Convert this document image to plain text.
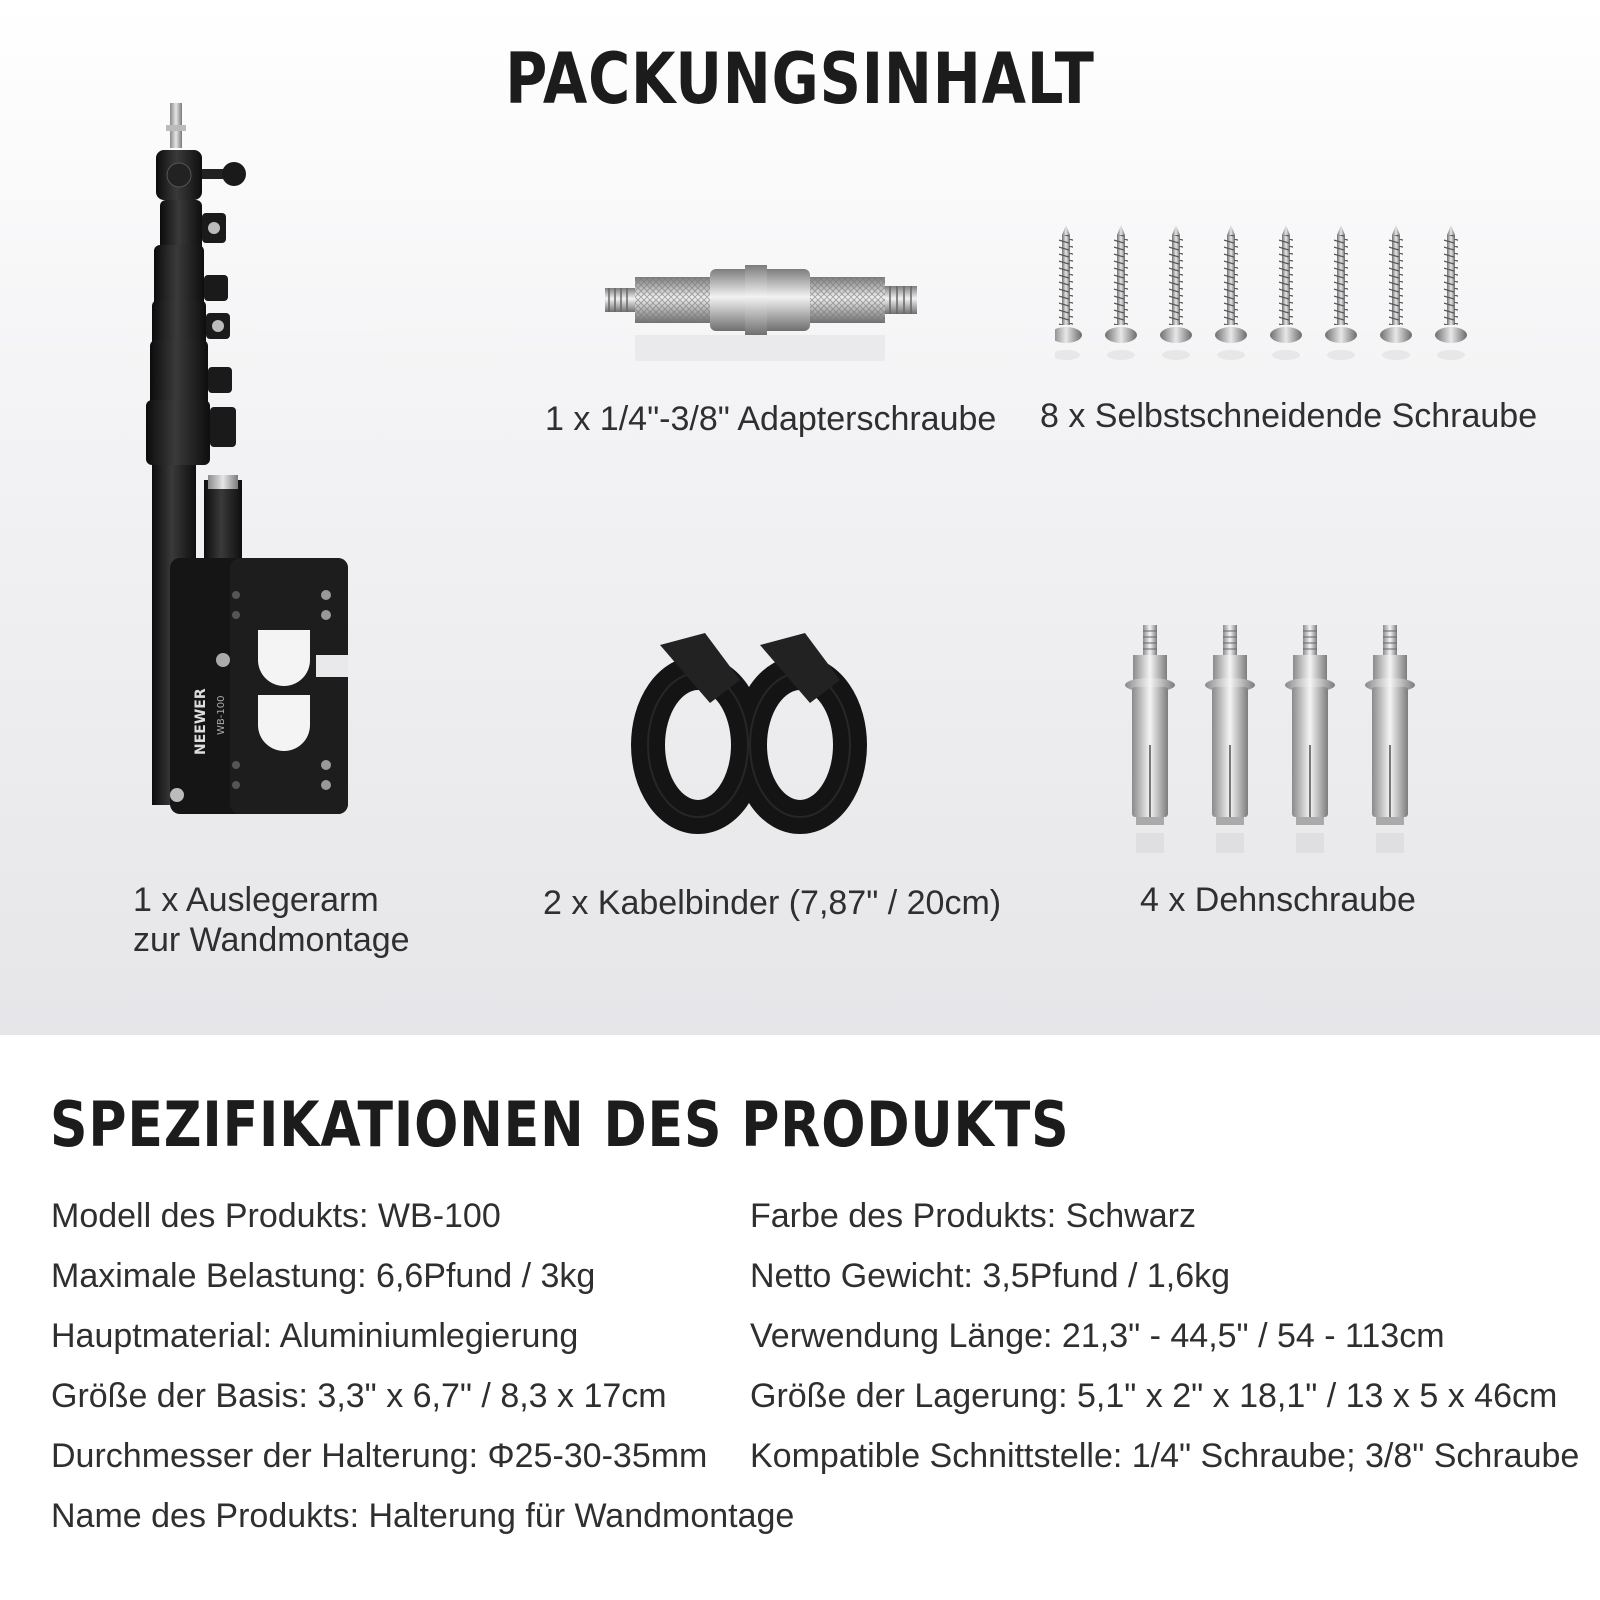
PACKUNGSINHALT
NEEWER WB-100
1 x Auslegerarm
zur Wandmontage
1 x 1/4"-3/8" Adapterschraube 8 x Selbstschneidende Schraube
2 x Kabelbinder (7,87" / 20cm)	4 x Dehnschraube
SPEZIFIKATIONEN DES PRODUKTS
Modell des Produkts: WB-100
Maximale Belastung: 6,6Pfund / 3kg
Hauptmaterial: Aluminiumlegierung
Größe der Basis: 3,3" x 6,7" / 8,3 x 17cm
Durchmesser der Halterung: Φ25-30-35mm
Name des Produkts: Halterung für Wandmontage
Farbe des Produkts: Schwarz
Netto Gewicht: 3,5Pfund / 1,6kg
Verwendung Länge: 21,3" - 44,5" / 54 - 113cm
Größe der Lagerung: 5,1" x 2" x 18,1" / 13 x 5 x 46cm
Kompatible Schnittstelle: 1/4" Schraube; 3/8" Schraube
